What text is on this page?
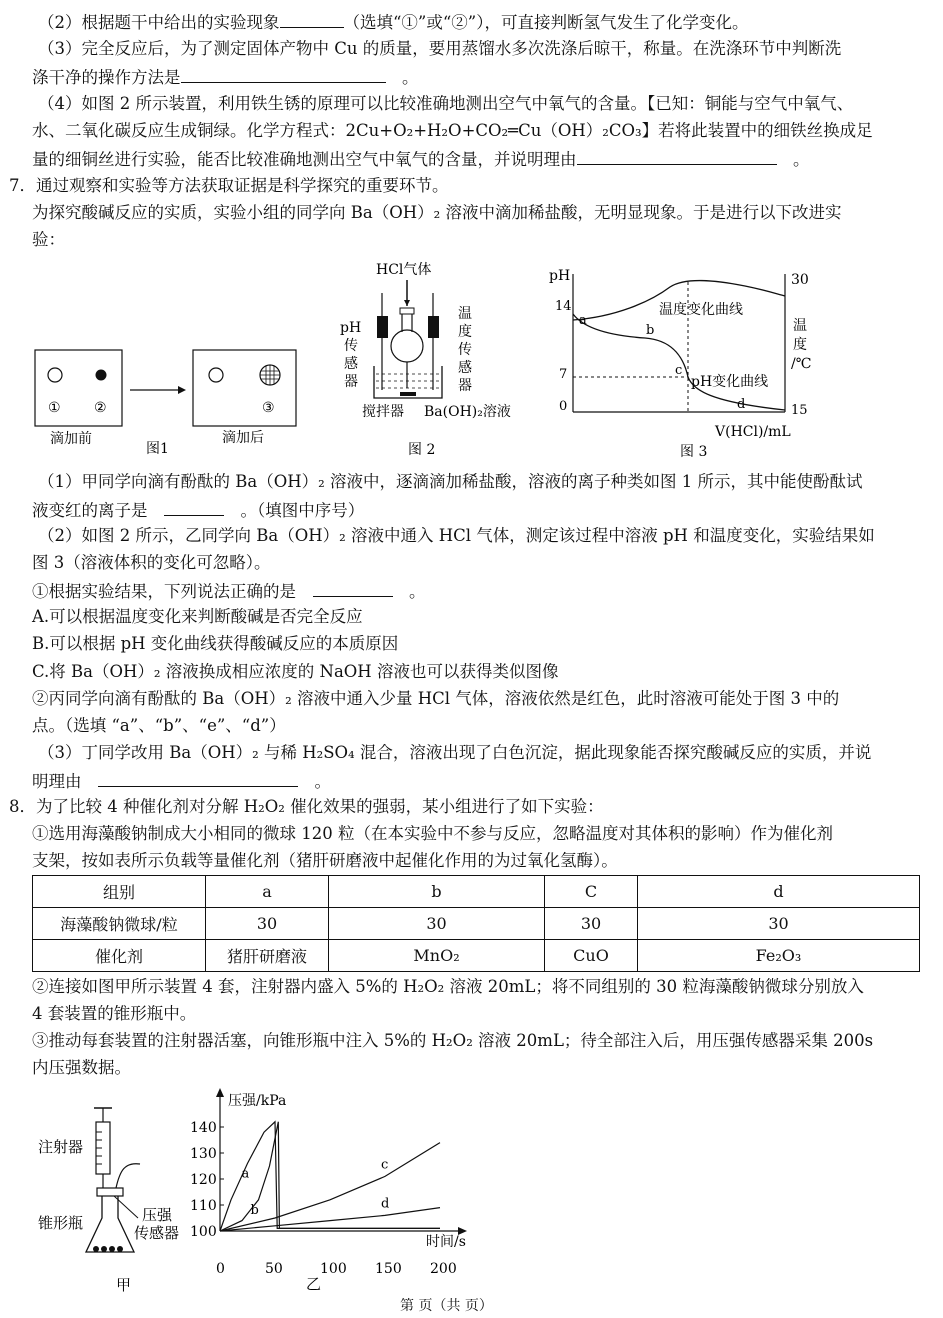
（2）根据题干中给出的实验现象	（选填“①”或“②”），可直接判断氢气发生了化学变化。
（3）完全反应后，为了测定固体产物中 Cu 的质量，要用蒸馏水多次洗涤后晾干，称量。在洗涤环节中判断洗
涤干净的操作方法是　	。
（4）如图 2 所示装置，利用铁生锈的原理可以比较准确地测出空气中氧气的含量。【已知：铜能与空气中氧气、
水、二氧化碳反应生成铜绿。化学方程式：2Cu+O₂+H₂O+CO₂═Cu（OH）₂CO₃】若将此装置中的细铁丝换成足
量的细铜丝进行实验，能否比较准确地测出空气中氧气的含量，并说明理由　	。
7．通过观察和实验等方法获取证据是科学探究的重要环节。
为探究酸碱反应的实质，实验小组的同学向 Ba（OH）₂ 溶液中滴加稀盐酸，无明显现象。于是进行以下改进实
验：
① ②	③
滴加前
图1
滴加后
HCl气体
pH
传
感
器
温
度
传
感
器
搅拌器 Ba(OH)₂溶液
图 2
pH	30
14
7
0	15
a
b
c
d
温度变化曲线
pH变化曲线
温
度
/℃
V(HCl)/mL
图 3
（1）甲同学向滴有酚酞的 Ba（OH）₂ 溶液中，逐滴滴加稀盐酸，溶液的离子种类如图 1 所示，其中能使酚酞试
液变红的离子是　　	。（填图中序号）
（2）如图 2 所示，乙同学向 Ba（OH）₂ 溶液中通入 HCl 气体，测定该过程中溶液 pH 和温度变化，实验结果如
图 3（溶液体积的变化可忽略）。
①根据实验结果，下列说法正确的是　　	。
A.可以根据温度变化来判断酸碱是否完全反应
B.可以根据 pH 变化曲线获得酸碱反应的本质原因
C.将 Ba（OH）₂ 溶液换成相应浓度的 NaOH 溶液也可以获得类似图像
②丙同学向滴有酚酞的 Ba（OH）₂ 溶液中通入少量 HCl 气体，溶液依然是红色，此时溶液可能处于图 3 中的
点。（选填 “a”、“b”、“e”、“d”）
（3）丁同学改用 Ba（OH）₂ 与稀 H₂SO₄ 混合，溶液出现了白色沉淀，据此现象能否探究酸碱反应的实质，并说
明理由　　	。
8．为了比较 4 种催化剂对分解 H₂O₂ 催化效果的强弱，某小组进行了如下实验：
①选用海藻酸钠制成大小相同的微球 120 粒（在本实验中不参与反应，忽略温度对其体积的影响）作为催化剂
支架，按如表所示负载等量催化剂（猪肝研磨液中起催化作用的为过氧化氢酶）。
组别	a	b	C	d
海藻酸钠微球/粒	30	30	30	30
催化剂	猪肝研磨液	MnO₂	CuO	Fe₂O₃
②连接如图甲所示装置 4 套，注射器内盛入 5%的 H₂O₂ 溶液 20mL；将不同组别的 30 粒海藻酸钠微球分别放入
4 套装置的锥形瓶中。
③推动每套装置的注射器活塞，向锥形瓶中注入 5%的 H₂O₂ 溶液 20mL；待全部注入后，用压强传感器采集 200s
内压强数据。
注射器
锥形瓶	压强
传感器
甲
压强/kPa
时间/s
0	50	100 150 200
100
110
120
130
140
a
b
c
d
乙
第 页（共 页）
